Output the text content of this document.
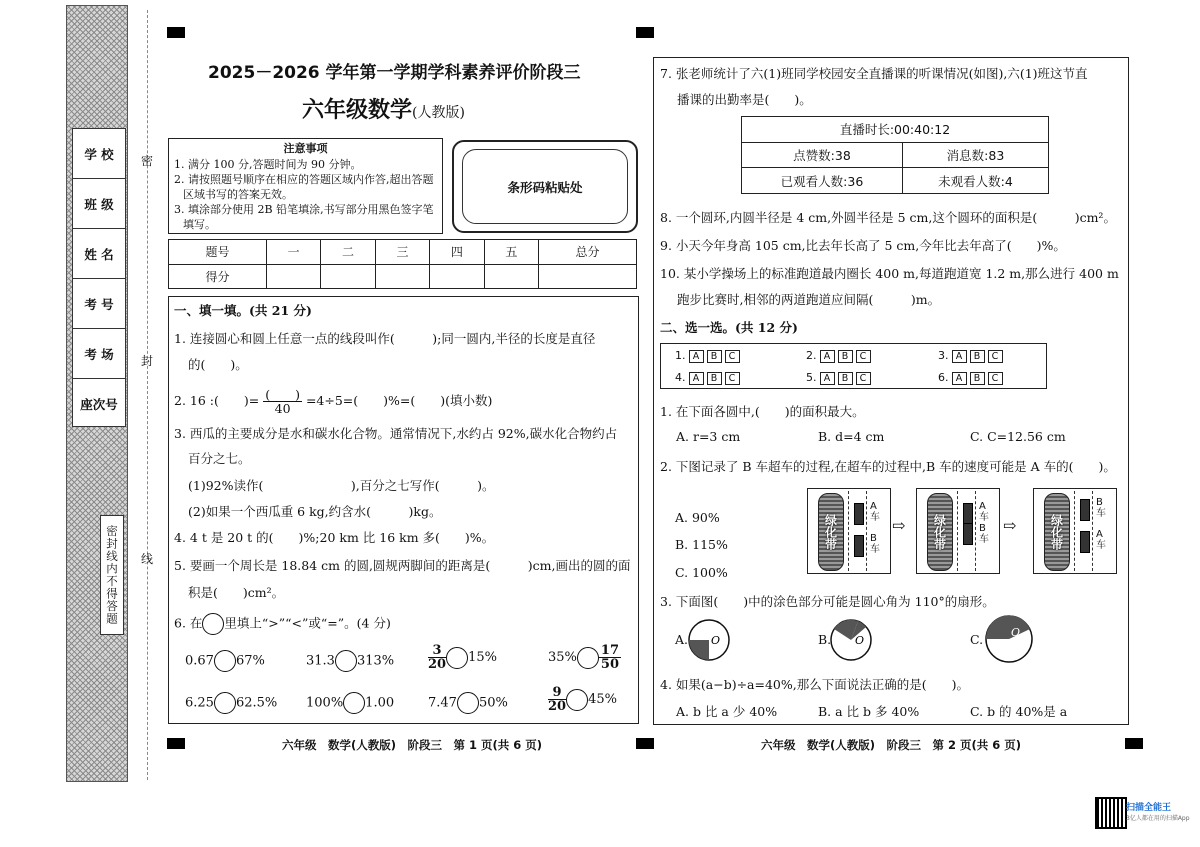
学 校
班 级
姓 名
考 号
考 场
座次号
密封线内不得答题
密
封
线
2025－2026 学年第一学期学科素养评价阶段三
六年级数学(人教版)
注意事项
1. 满分 100 分,答题时间为 90 分钟。
2. 请按照题号顺序在相应的答题区域内作答,超出答题
区域书写的答案无效。
3. 填涂部分使用 2B 铅笔填涂,书写部分用黑色签字笔
填写。
条形码粘贴处
题号	一	二	三	四	五	总分
得分						
一、填一填。(共 21 分)
1. 连接圆心和圆上任意一点的线段叫作(　　　);同一圆内,半径的长度是直径
的(　　)。
2. 16 :(　　)= $\frac{( )}{40} =4\div 5=$(　　)%=(　　)(填小数)
3. 西瓜的主要成分是水和碳水化合物。通常情况下,水约占 92%,碳水化合物约占
百分之七。
(1)92%读作(　　　　　　　),百分之七写作(　　　)。
(2)如果一个西瓜重 6 kg,约含水(　　　)kg。
4. 4 t 是 20 t 的(　　)%;20 km 比 16 km 多(　　)%。
5. 要画一个周长是 18.84 cm 的圆,圆规两脚间的距离是(　　　)cm,画出的圆的面
积是(　　)cm²。
6. 在 里填上“>”“<”或“=”。(4 分)
0.67 67%	31.3 313%	$\frac{3}{20} 15\%$	$35\% \frac{17}{50}$
6.25 62.5% 100% 1.00	7.47 50%	$\frac{9}{20} 45\%$
7. 张老师统计了六(1)班同学校园安全直播课的听课情况(如图),六(1)班这节直
播课的出勤率是(　　)。
直播时长:00:40:12	
点赞数:38	消息数:83
已观看人数:36	未观看人数:4
8. 一个圆环,内圆半径是 4 cm,外圆半径是 5 cm,这个圆环的面积是(　　　)cm²。
9. 小天今年身高 105 cm,比去年长高了 5 cm,今年比去年高了(　　)%。
10. 某小学操场上的标准跑道最内圈长 400 m,每道跑道宽 1.2 m,那么进行 400 m
跑步比赛时,相邻的两道跑道应间隔(　　　)m。
二、选一选。(共 12 分)
1. A B C	2. A B C	3. A B C
4. A B C	5. A B C	6. A B C
1. 在下面各圆中,(　　)的面积最大。
A. r=3 cm	B. d=4 cm	C. C=12.56 cm
2. 下图记录了 B 车超车的过程,在超车的过程中,B 车的速度可能是 A 车的(　　)。
A. 90%
B. 115%
C. 100%
绿化带
A车
B车
⇨	绿化带
A车
B车
⇨	绿化带
B车
A车
3. 下面图(　　)中的涂色部分可能是圆心角为 110°的扇形。
A. O	B. O	C.	O
4. 如果(a−b)÷a=40%,那么下面说法正确的是(　　)。
A. b 比 a 少 40%	B. a 比 b 多 40%	C. b 的 40%是 a
六年级　数学(人教版)　阶段三　第 1 页(共 6 页)	六年级　数学(人教版)　阶段三　第 2 页(共 6 页)
扫描全能王
3亿人都在用的扫描App
